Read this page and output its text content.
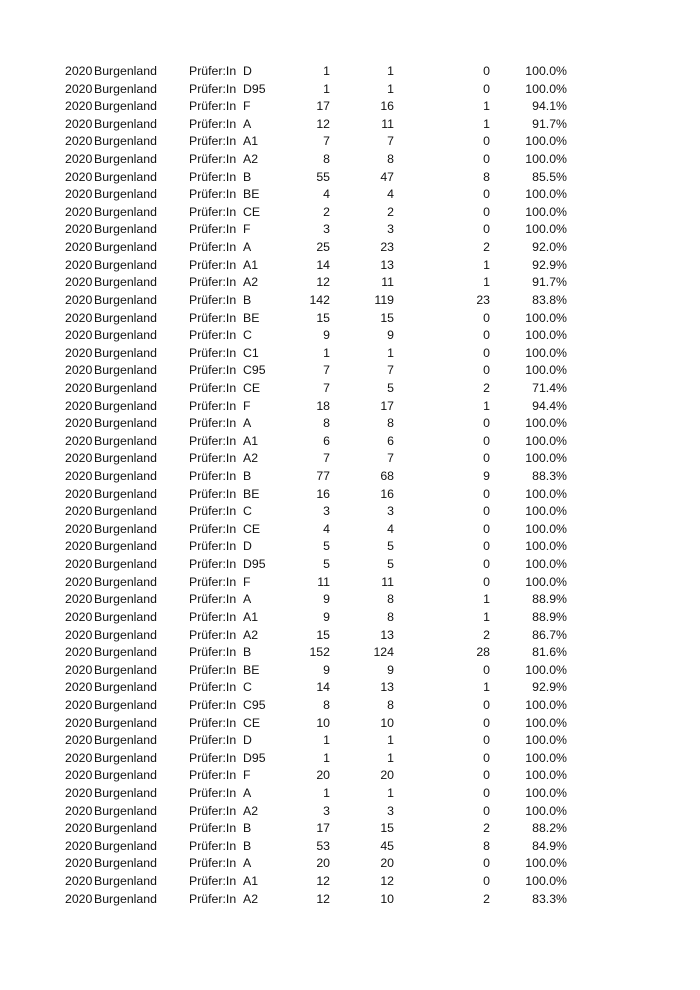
2020 Burgenland	Prüfer:In D	1	1	0	100.0%
2020 Burgenland	Prüfer:In D95	1	1	0	100.0%
2020 Burgenland	Prüfer:In F	17	16	1	94.1%
2020 Burgenland	Prüfer:In A	12	11	1	91.7%
2020 Burgenland	Prüfer:In A1	7	7	0	100.0%
2020 Burgenland	Prüfer:In A2	8	8	0	100.0%
2020 Burgenland	Prüfer:In B	55	47	8	85.5%
2020 Burgenland	Prüfer:In BE	4	4	0	100.0%
2020 Burgenland	Prüfer:In CE	2	2	0	100.0%
2020 Burgenland	Prüfer:In F	3	3	0	100.0%
2020 Burgenland	Prüfer:In A	25	23	2	92.0%
2020 Burgenland	Prüfer:In A1	14	13	1	92.9%
2020 Burgenland	Prüfer:In A2	12	11	1	91.7%
2020 Burgenland	Prüfer:In B	142	119	23	83.8%
2020 Burgenland	Prüfer:In BE	15	15	0	100.0%
2020 Burgenland	Prüfer:In C	9	9	0	100.0%
2020 Burgenland	Prüfer:In C1	1	1	0	100.0%
2020 Burgenland	Prüfer:In C95	7	7	0	100.0%
2020 Burgenland	Prüfer:In CE	7	5	2	71.4%
2020 Burgenland	Prüfer:In F	18	17	1	94.4%
2020 Burgenland	Prüfer:In A	8	8	0	100.0%
2020 Burgenland	Prüfer:In A1	6	6	0	100.0%
2020 Burgenland	Prüfer:In A2	7	7	0	100.0%
2020 Burgenland	Prüfer:In B	77	68	9	88.3%
2020 Burgenland	Prüfer:In BE	16	16	0	100.0%
2020 Burgenland	Prüfer:In C	3	3	0	100.0%
2020 Burgenland	Prüfer:In CE	4	4	0	100.0%
2020 Burgenland	Prüfer:In D	5	5	0	100.0%
2020 Burgenland	Prüfer:In D95	5	5	0	100.0%
2020 Burgenland	Prüfer:In F	11	11	0	100.0%
2020 Burgenland	Prüfer:In A	9	8	1	88.9%
2020 Burgenland	Prüfer:In A1	9	8	1	88.9%
2020 Burgenland	Prüfer:In A2	15	13	2	86.7%
2020 Burgenland	Prüfer:In B	152	124	28	81.6%
2020 Burgenland	Prüfer:In BE	9	9	0	100.0%
2020 Burgenland	Prüfer:In C	14	13	1	92.9%
2020 Burgenland	Prüfer:In C95	8	8	0	100.0%
2020 Burgenland	Prüfer:In CE	10	10	0	100.0%
2020 Burgenland	Prüfer:In D	1	1	0	100.0%
2020 Burgenland	Prüfer:In D95	1	1	0	100.0%
2020 Burgenland	Prüfer:In F	20	20	0	100.0%
2020 Burgenland	Prüfer:In A	1	1	0	100.0%
2020 Burgenland	Prüfer:In A2	3	3	0	100.0%
2020 Burgenland	Prüfer:In B	17	15	2	88.2%
2020 Burgenland	Prüfer:In B	53	45	8	84.9%
2020 Burgenland	Prüfer:In A	20	20	0	100.0%
2020 Burgenland	Prüfer:In A1	12	12	0	100.0%
2020 Burgenland	Prüfer:In A2	12	10	2	83.3%
